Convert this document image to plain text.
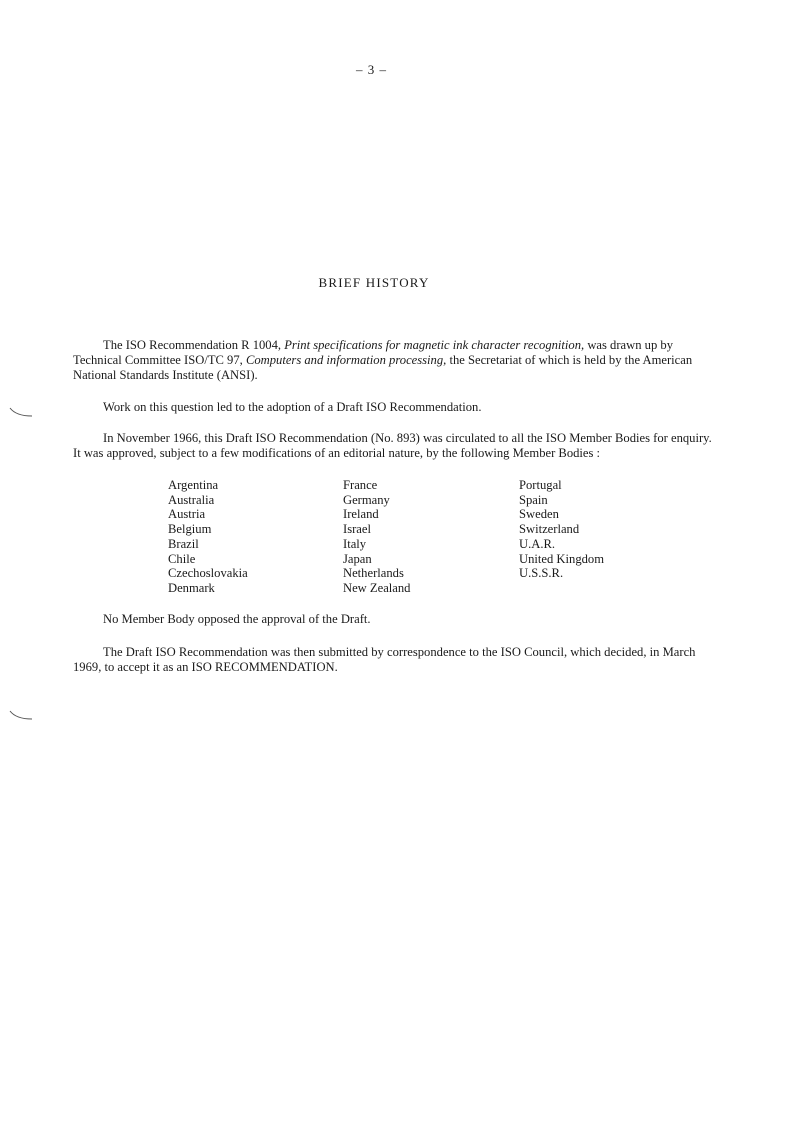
– 3 –
BRIEF HISTORY

The ISO Recommendation R 1004, Print specifications for magnetic ink character recognition, was drawn up by Technical Committee ISO/TC 97, Computers and information processing, the Secretariat of which is held by the American National Standards Institute (ANSI).

Work on this question led to the adoption of a Draft ISO Recommendation.

In November 1966, this Draft ISO Recommendation (No. 893) was circulated to all the ISO Member Bodies for enquiry. It was approved, subject to a few modifications of an editorial nature, by the following Member Bodies :

Argentina
Australia
Austria
Belgium
Brazil
Chile
Czechoslovakia
Denmark
France
Germany
Ireland
Israel
Italy
Japan
Netherlands
New Zealand
Portugal
Spain
Sweden
Switzerland
U.A.R.
United Kingdom
U.S.S.R.

No Member Body opposed the approval of the Draft.

The Draft ISO Recommendation was then submitted by correspondence to the ISO Council, which decided, in March 1969, to accept it as an ISO RECOMMENDATION.
